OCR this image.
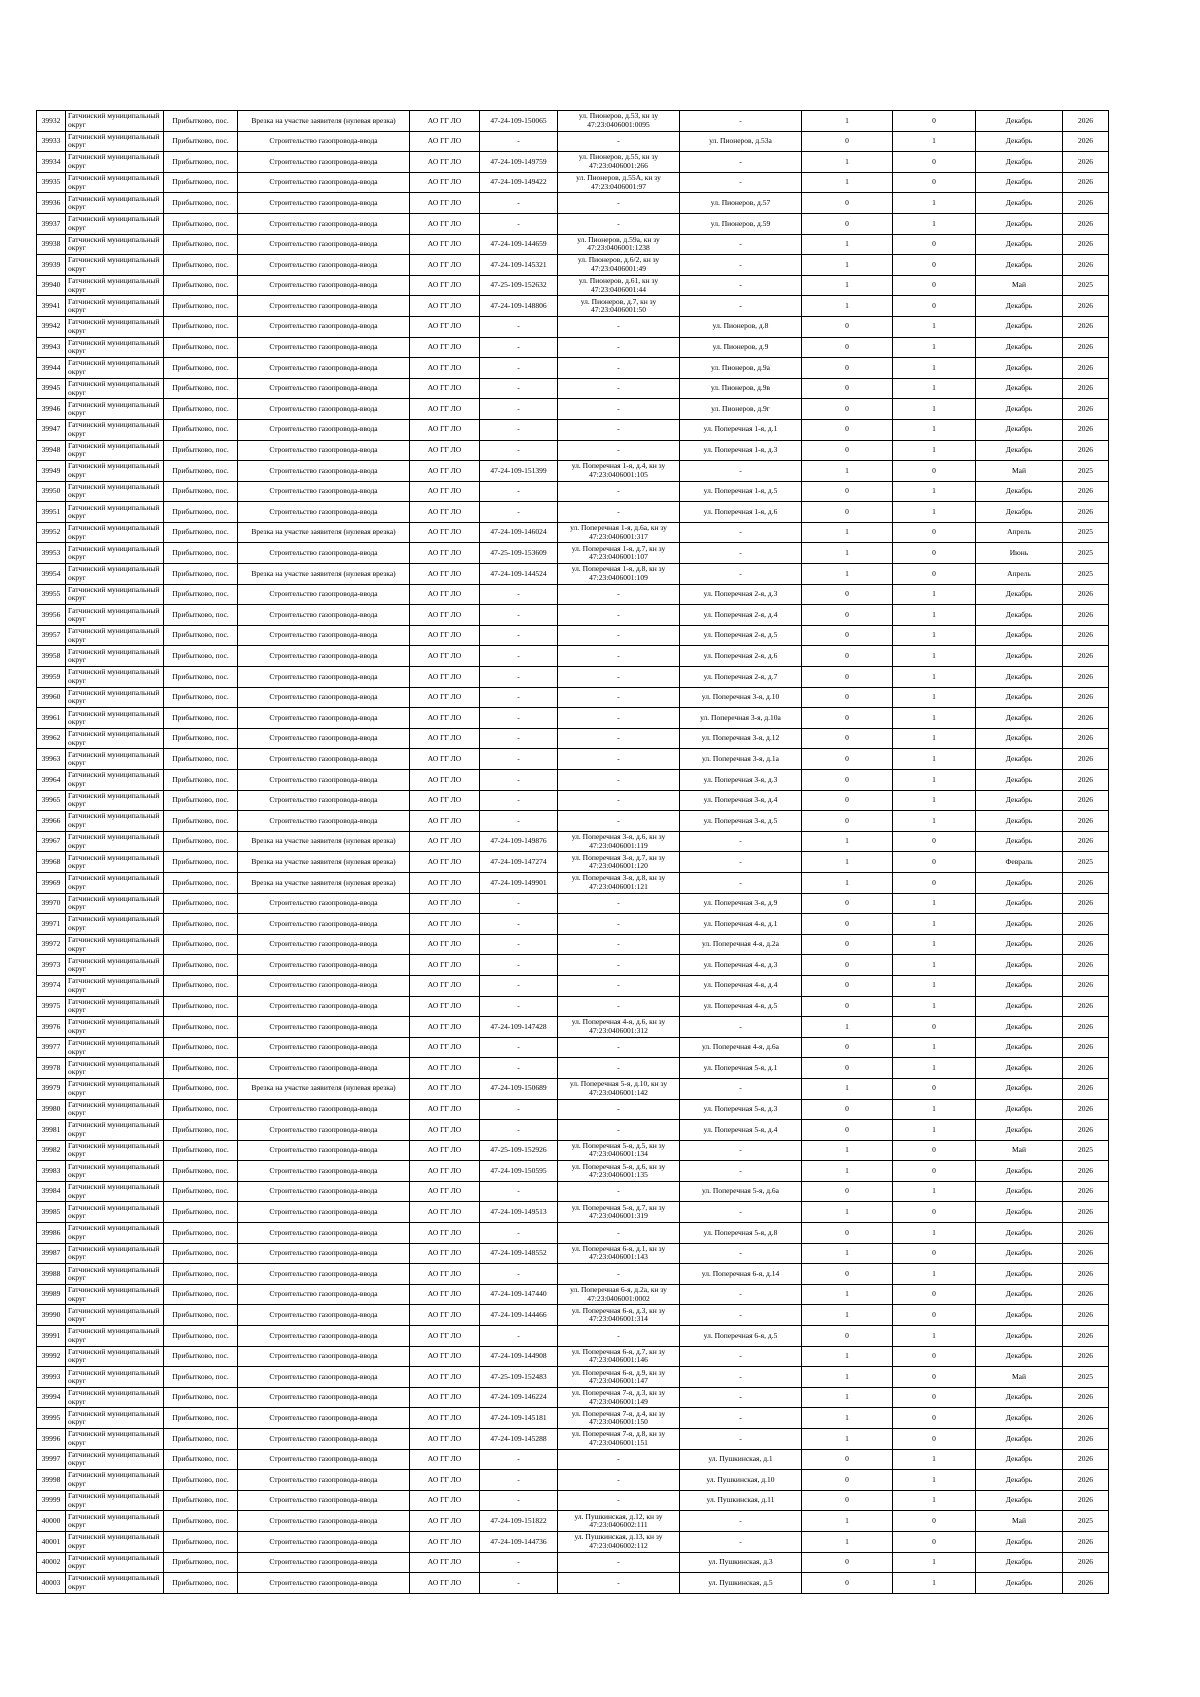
39932	Гатчинский муниципальный округ	Прибытково, пос.	Врезка на участке заявителя (нулевая врезка)	АО ГГ ЛО	47-24-109-150065	ул. Пионеров, д.53, кн зу 47:23:0406001:0095	-	1	0	Декабрь	2026
39933	Гатчинский муниципальный округ	Прибытково, пос.	Строительство газопровода-ввода	АО ГГ ЛО	-	-	ул. Пионеров, д.53а	0	1	Декабрь	2026
39934	Гатчинский муниципальный округ	Прибытково, пос.	Строительство газопровода-ввода	АО ГГ ЛО	47-24-109-149759	ул. Пионеров, д.55, кн зу 47:23:0406001:266	-	1	0	Декабрь	2026
39935	Гатчинский муниципальный округ	Прибытково, пос.	Строительство газопровода-ввода	АО ГГ ЛО	47-24-109-149422	ул. Пионеров, д.55А, кн зу 47:23:0406001:97	-	1	0	Декабрь	2026
39936	Гатчинский муниципальный округ	Прибытково, пос.	Строительство газопровода-ввода	АО ГГ ЛО	-	-	ул. Пионеров, д.57	0	1	Декабрь	2026
39937	Гатчинский муниципальный округ	Прибытково, пос.	Строительство газопровода-ввода	АО ГГ ЛО	-	-	ул. Пионеров, д.59	0	1	Декабрь	2026
39938	Гатчинский муниципальный округ	Прибытково, пос.	Строительство газопровода-ввода	АО ГГ ЛО	47-24-109-144659	ул. Пионеров, д.59а, кн зу 47:23:0406001:1238	-	1	0	Декабрь	2026
39939	Гатчинский муниципальный округ	Прибытково, пос.	Строительство газопровода-ввода	АО ГГ ЛО	47-24-109-145321	ул. Пионеров, д.6/2, кн зу 47:23:0406001:49	-	1	0	Декабрь	2026
39940	Гатчинский муниципальный округ	Прибытково, пос.	Строительство газопровода-ввода	АО ГГ ЛО	47-25-109-152632	ул. Пионеров, д.61, кн зу 47:23:0406001:44	-	1	0	Май	2025
39941	Гатчинский муниципальный округ	Прибытково, пос.	Строительство газопровода-ввода	АО ГГ ЛО	47-24-109-148806	ул. Пионеров, д.7, кн зу 47:23:0406001:50	-	1	0	Декабрь	2026
39942	Гатчинский муниципальный округ	Прибытково, пос.	Строительство газопровода-ввода	АО ГГ ЛО	-	-	ул. Пионеров, д.8	0	1	Декабрь	2026
39943	Гатчинский муниципальный округ	Прибытково, пос.	Строительство газопровода-ввода	АО ГГ ЛО	-	-	ул. Пионеров, д.9	0	1	Декабрь	2026
39944	Гатчинский муниципальный округ	Прибытково, пос.	Строительство газопровода-ввода	АО ГГ ЛО	-	-	ул. Пионеров, д.9а	0	1	Декабрь	2026
39945	Гатчинский муниципальный округ	Прибытково, пос.	Строительство газопровода-ввода	АО ГГ ЛО	-	-	ул. Пионеров, д.9в	0	1	Декабрь	2026
39946	Гатчинский муниципальный округ	Прибытково, пос.	Строительство газопровода-ввода	АО ГГ ЛО	-	-	ул. Пионеров, д.9г	0	1	Декабрь	2026
39947	Гатчинский муниципальный округ	Прибытково, пос.	Строительство газопровода-ввода	АО ГГ ЛО	-	-	ул. Поперечная 1-я, д.1	0	1	Декабрь	2026
39948	Гатчинский муниципальный округ	Прибытково, пос.	Строительство газопровода-ввода	АО ГГ ЛО	-	-	ул. Поперечная 1-я, д.3	0	1	Декабрь	2026
39949	Гатчинский муниципальный округ	Прибытково, пос.	Строительство газопровода-ввода	АО ГГ ЛО	47-24-109-151399	ул. Поперечная 1-я, д.4, кн зу 47:23:0406001:105	-	1	0	Май	2025
39950	Гатчинский муниципальный округ	Прибытково, пос.	Строительство газопровода-ввода	АО ГГ ЛО	-	-	ул. Поперечная 1-я, д.5	0	1	Декабрь	2026
39951	Гатчинский муниципальный округ	Прибытково, пос.	Строительство газопровода-ввода	АО ГГ ЛО	-	-	ул. Поперечная 1-я, д.6	0	1	Декабрь	2026
39952	Гатчинский муниципальный округ	Прибытково, пос.	Врезка на участке заявителя (нулевая врезка)	АО ГГ ЛО	47-24-109-146024	ул. Поперечная 1-я, д.6а, кн зу 47:23:0406001:317	-	1	0	Апрель	2025
39953	Гатчинский муниципальный округ	Прибытково, пос.	Строительство газопровода-ввода	АО ГГ ЛО	47-25-109-153609	ул. Поперечная 1-я, д.7, кн зу 47:23:0406001:107	-	1	0	Июнь	2025
39954	Гатчинский муниципальный округ	Прибытково, пос.	Врезка на участке заявителя (нулевая врезка)	АО ГГ ЛО	47-24-109-144524	ул. Поперечная 1-я, д.8, кн зу 47:23:0406001:109	-	1	0	Апрель	2025
39955	Гатчинский муниципальный округ	Прибытково, пос.	Строительство газопровода-ввода	АО ГГ ЛО	-	-	ул. Поперечная 2-я, д.3	0	1	Декабрь	2026
39956	Гатчинский муниципальный округ	Прибытково, пос.	Строительство газопровода-ввода	АО ГГ ЛО	-	-	ул. Поперечная 2-я, д.4	0	1	Декабрь	2026
39957	Гатчинский муниципальный округ	Прибытково, пос.	Строительство газопровода-ввода	АО ГГ ЛО	-	-	ул. Поперечная 2-я, д.5	0	1	Декабрь	2026
39958	Гатчинский муниципальный округ	Прибытково, пос.	Строительство газопровода-ввода	АО ГГ ЛО	-	-	ул. Поперечная 2-я, д.6	0	1	Декабрь	2026
39959	Гатчинский муниципальный округ	Прибытково, пос.	Строительство газопровода-ввода	АО ГГ ЛО	-	-	ул. Поперечная 2-я, д.7	0	1	Декабрь	2026
39960	Гатчинский муниципальный округ	Прибытково, пос.	Строительство газопровода-ввода	АО ГГ ЛО	-	-	ул. Поперечная 3-я, д.10	0	1	Декабрь	2026
39961	Гатчинский муниципальный округ	Прибытково, пос.	Строительство газопровода-ввода	АО ГГ ЛО	-	-	ул. Поперечная 3-я, д.10а	0	1	Декабрь	2026
39962	Гатчинский муниципальный округ	Прибытково, пос.	Строительство газопровода-ввода	АО ГГ ЛО	-	-	ул. Поперечная 3-я, д.12	0	1	Декабрь	2026
39963	Гатчинский муниципальный округ	Прибытково, пос.	Строительство газопровода-ввода	АО ГГ ЛО	-	-	ул. Поперечная 3-я, д.1а	0	1	Декабрь	2026
39964	Гатчинский муниципальный округ	Прибытково, пос.	Строительство газопровода-ввода	АО ГГ ЛО	-	-	ул. Поперечная 3-я, д.3	0	1	Декабрь	2026
39965	Гатчинский муниципальный округ	Прибытково, пос.	Строительство газопровода-ввода	АО ГГ ЛО	-	-	ул. Поперечная 3-я, д.4	0	1	Декабрь	2026
39966	Гатчинский муниципальный округ	Прибытково, пос.	Строительство газопровода-ввода	АО ГГ ЛО	-	-	ул. Поперечная 3-я, д.5	0	1	Декабрь	2026
39967	Гатчинский муниципальный округ	Прибытково, пос.	Врезка на участке заявителя (нулевая врезка)	АО ГГ ЛО	47-24-109-149876	ул. Поперечная 3-я, д.6, кн зу 47:23:0406001:119	-	1	0	Декабрь	2026
39968	Гатчинский муниципальный округ	Прибытково, пос.	Врезка на участке заявителя (нулевая врезка)	АО ГГ ЛО	47-24-109-147274	ул. Поперечная 3-я, д.7, кн зу 47:23:0406001:120	-	1	0	Февраль	2025
39969	Гатчинский муниципальный округ	Прибытково, пос.	Врезка на участке заявителя (нулевая врезка)	АО ГГ ЛО	47-24-109-149901	ул. Поперечная 3-я, д.8, кн зу 47:23:0406001:121	-	1	0	Декабрь	2026
39970	Гатчинский муниципальный округ	Прибытково, пос.	Строительство газопровода-ввода	АО ГГ ЛО	-	-	ул. Поперечная 3-я, д.9	0	1	Декабрь	2026
39971	Гатчинский муниципальный округ	Прибытково, пос.	Строительство газопровода-ввода	АО ГГ ЛО	-	-	ул. Поперечная 4-я, д.1	0	1	Декабрь	2026
39972	Гатчинский муниципальный округ	Прибытково, пос.	Строительство газопровода-ввода	АО ГГ ЛО	-	-	ул. Поперечная 4-я, д.2а	0	1	Декабрь	2026
39973	Гатчинский муниципальный округ	Прибытково, пос.	Строительство газопровода-ввода	АО ГГ ЛО	-	-	ул. Поперечная 4-я, д.3	0	1	Декабрь	2026
39974	Гатчинский муниципальный округ	Прибытково, пос.	Строительство газопровода-ввода	АО ГГ ЛО	-	-	ул. Поперечная 4-я, д.4	0	1	Декабрь	2026
39975	Гатчинский муниципальный округ	Прибытково, пос.	Строительство газопровода-ввода	АО ГГ ЛО	-	-	ул. Поперечная 4-я, д.5	0	1	Декабрь	2026
39976	Гатчинский муниципальный округ	Прибытково, пос.	Строительство газопровода-ввода	АО ГГ ЛО	47-24-109-147428	ул. Поперечная 4-я, д.6, кн зу 47:23:0406001:312	-	1	0	Декабрь	2026
39977	Гатчинский муниципальный округ	Прибытково, пос.	Строительство газопровода-ввода	АО ГГ ЛО	-	-	ул. Поперечная 4-я, д.6а	0	1	Декабрь	2026
39978	Гатчинский муниципальный округ	Прибытково, пос.	Строительство газопровода-ввода	АО ГГ ЛО	-	-	ул. Поперечная 5-я, д.1	0	1	Декабрь	2026
39979	Гатчинский муниципальный округ	Прибытково, пос.	Врезка на участке заявителя (нулевая врезка)	АО ГГ ЛО	47-24-109-150689	ул. Поперечная 5-я, д.10, кн зу 47:23:0406001:142	-	1	0	Декабрь	2026
39980	Гатчинский муниципальный округ	Прибытково, пос.	Строительство газопровода-ввода	АО ГГ ЛО	-	-	ул. Поперечная 5-я, д.3	0	1	Декабрь	2026
39981	Гатчинский муниципальный округ	Прибытково, пос.	Строительство газопровода-ввода	АО ГГ ЛО	-	-	ул. Поперечная 5-я, д.4	0	1	Декабрь	2026
39982	Гатчинский муниципальный округ	Прибытково, пос.	Строительство газопровода-ввода	АО ГГ ЛО	47-25-109-152926	ул. Поперечная 5-я, д.5, кн зу 47:23:0406001:134	-	1	0	Май	2025
39983	Гатчинский муниципальный округ	Прибытково, пос.	Строительство газопровода-ввода	АО ГГ ЛО	47-24-109-150595	ул. Поперечная 5-я, д.6, кн зу 47:23:0406001:135	-	1	0	Декабрь	2026
39984	Гатчинский муниципальный округ	Прибытково, пос.	Строительство газопровода-ввода	АО ГГ ЛО	-	-	ул. Поперечная 5-я, д.6а	0	1	Декабрь	2026
39985	Гатчинский муниципальный округ	Прибытково, пос.	Строительство газопровода-ввода	АО ГГ ЛО	47-24-109-149513	ул. Поперечная 5-я, д.7, кн зу 47:23:0406001:319	-	1	0	Декабрь	2026
39986	Гатчинский муниципальный округ	Прибытково, пос.	Строительство газопровода-ввода	АО ГГ ЛО	-	-	ул. Поперечная 5-я, д.8	0	1	Декабрь	2026
39987	Гатчинский муниципальный округ	Прибытково, пос.	Строительство газопровода-ввода	АО ГГ ЛО	47-24-109-148552	ул. Поперечная 6-я, д.1, кн зу 47:23:0406001:143	-	1	0	Декабрь	2026
39988	Гатчинский муниципальный округ	Прибытково, пос.	Строительство газопровода-ввода	АО ГГ ЛО	-	-	ул. Поперечная 6-я, д.14	0	1	Декабрь	2026
39989	Гатчинский муниципальный округ	Прибытково, пос.	Строительство газопровода-ввода	АО ГГ ЛО	47-24-109-147440	ул. Поперечная 6-я, д.2а, кн зу 47:23:0406001:0002	-	1	0	Декабрь	2026
39990	Гатчинский муниципальный округ	Прибытково, пос.	Строительство газопровода-ввода	АО ГГ ЛО	47-24-109-144466	ул. Поперечная 6-я, д.3, кн зу 47:23:0406001:314	-	1	0	Декабрь	2026
39991	Гатчинский муниципальный округ	Прибытково, пос.	Строительство газопровода-ввода	АО ГГ ЛО	-	-	ул. Поперечная 6-я, д.5	0	1	Декабрь	2026
39992	Гатчинский муниципальный округ	Прибытково, пос.	Строительство газопровода-ввода	АО ГГ ЛО	47-24-109-144908	ул. Поперечная 6-я, д.7, кн зу 47:23:0406001:146	-	1	0	Декабрь	2026
39993	Гатчинский муниципальный округ	Прибытково, пос.	Строительство газопровода-ввода	АО ГГ ЛО	47-25-109-152483	ул. Поперечная 6-я, д.9, кн зу 47:23:0406001:147	-	1	0	Май	2025
39994	Гатчинский муниципальный округ	Прибытково, пос.	Строительство газопровода-ввода	АО ГГ ЛО	47-24-109-146224	ул. Поперечная 7-я, д.3, кн зу 47:23:0406001:149	-	1	0	Декабрь	2026
39995	Гатчинский муниципальный округ	Прибытково, пос.	Строительство газопровода-ввода	АО ГГ ЛО	47-24-109-145181	ул. Поперечная 7-я, д.4, кн зу 47:23:0406001:150	-	1	0	Декабрь	2026
39996	Гатчинский муниципальный округ	Прибытково, пос.	Строительство газопровода-ввода	АО ГГ ЛО	47-24-109-145288	ул. Поперечная 7-я, д.8, кн зу 47:23:0406001:151	-	1	0	Декабрь	2026
39997	Гатчинский муниципальный округ	Прибытково, пос.	Строительство газопровода-ввода	АО ГГ ЛО	-	-	ул. Пушкинская, д.1	0	1	Декабрь	2026
39998	Гатчинский муниципальный округ	Прибытково, пос.	Строительство газопровода-ввода	АО ГГ ЛО	-	-	ул. Пушкинская, д.10	0	1	Декабрь	2026
39999	Гатчинский муниципальный округ	Прибытково, пос.	Строительство газопровода-ввода	АО ГГ ЛО	-	-	ул. Пушкинская, д.11	0	1	Декабрь	2026
40000	Гатчинский муниципальный округ	Прибытково, пос.	Строительство газопровода-ввода	АО ГГ ЛО	47-24-109-151822	ул. Пушкинская, д.12, кн зу 47:23:0406002:111	-	1	0	Май	2025
40001	Гатчинский муниципальный округ	Прибытково, пос.	Строительство газопровода-ввода	АО ГГ ЛО	47-24-109-144736	ул. Пушкинская, д.13, кн зу 47:23:0406002:112	-	1	0	Декабрь	2026
40002	Гатчинский муниципальный округ	Прибытково, пос.	Строительство газопровода-ввода	АО ГГ ЛО	-	-	ул. Пушкинская, д.3	0	1	Декабрь	2026
40003	Гатчинский муниципальный округ	Прибытково, пос.	Строительство газопровода-ввода	АО ГГ ЛО	-	-	ул. Пушкинская, д.5	0	1	Декабрь	2026
